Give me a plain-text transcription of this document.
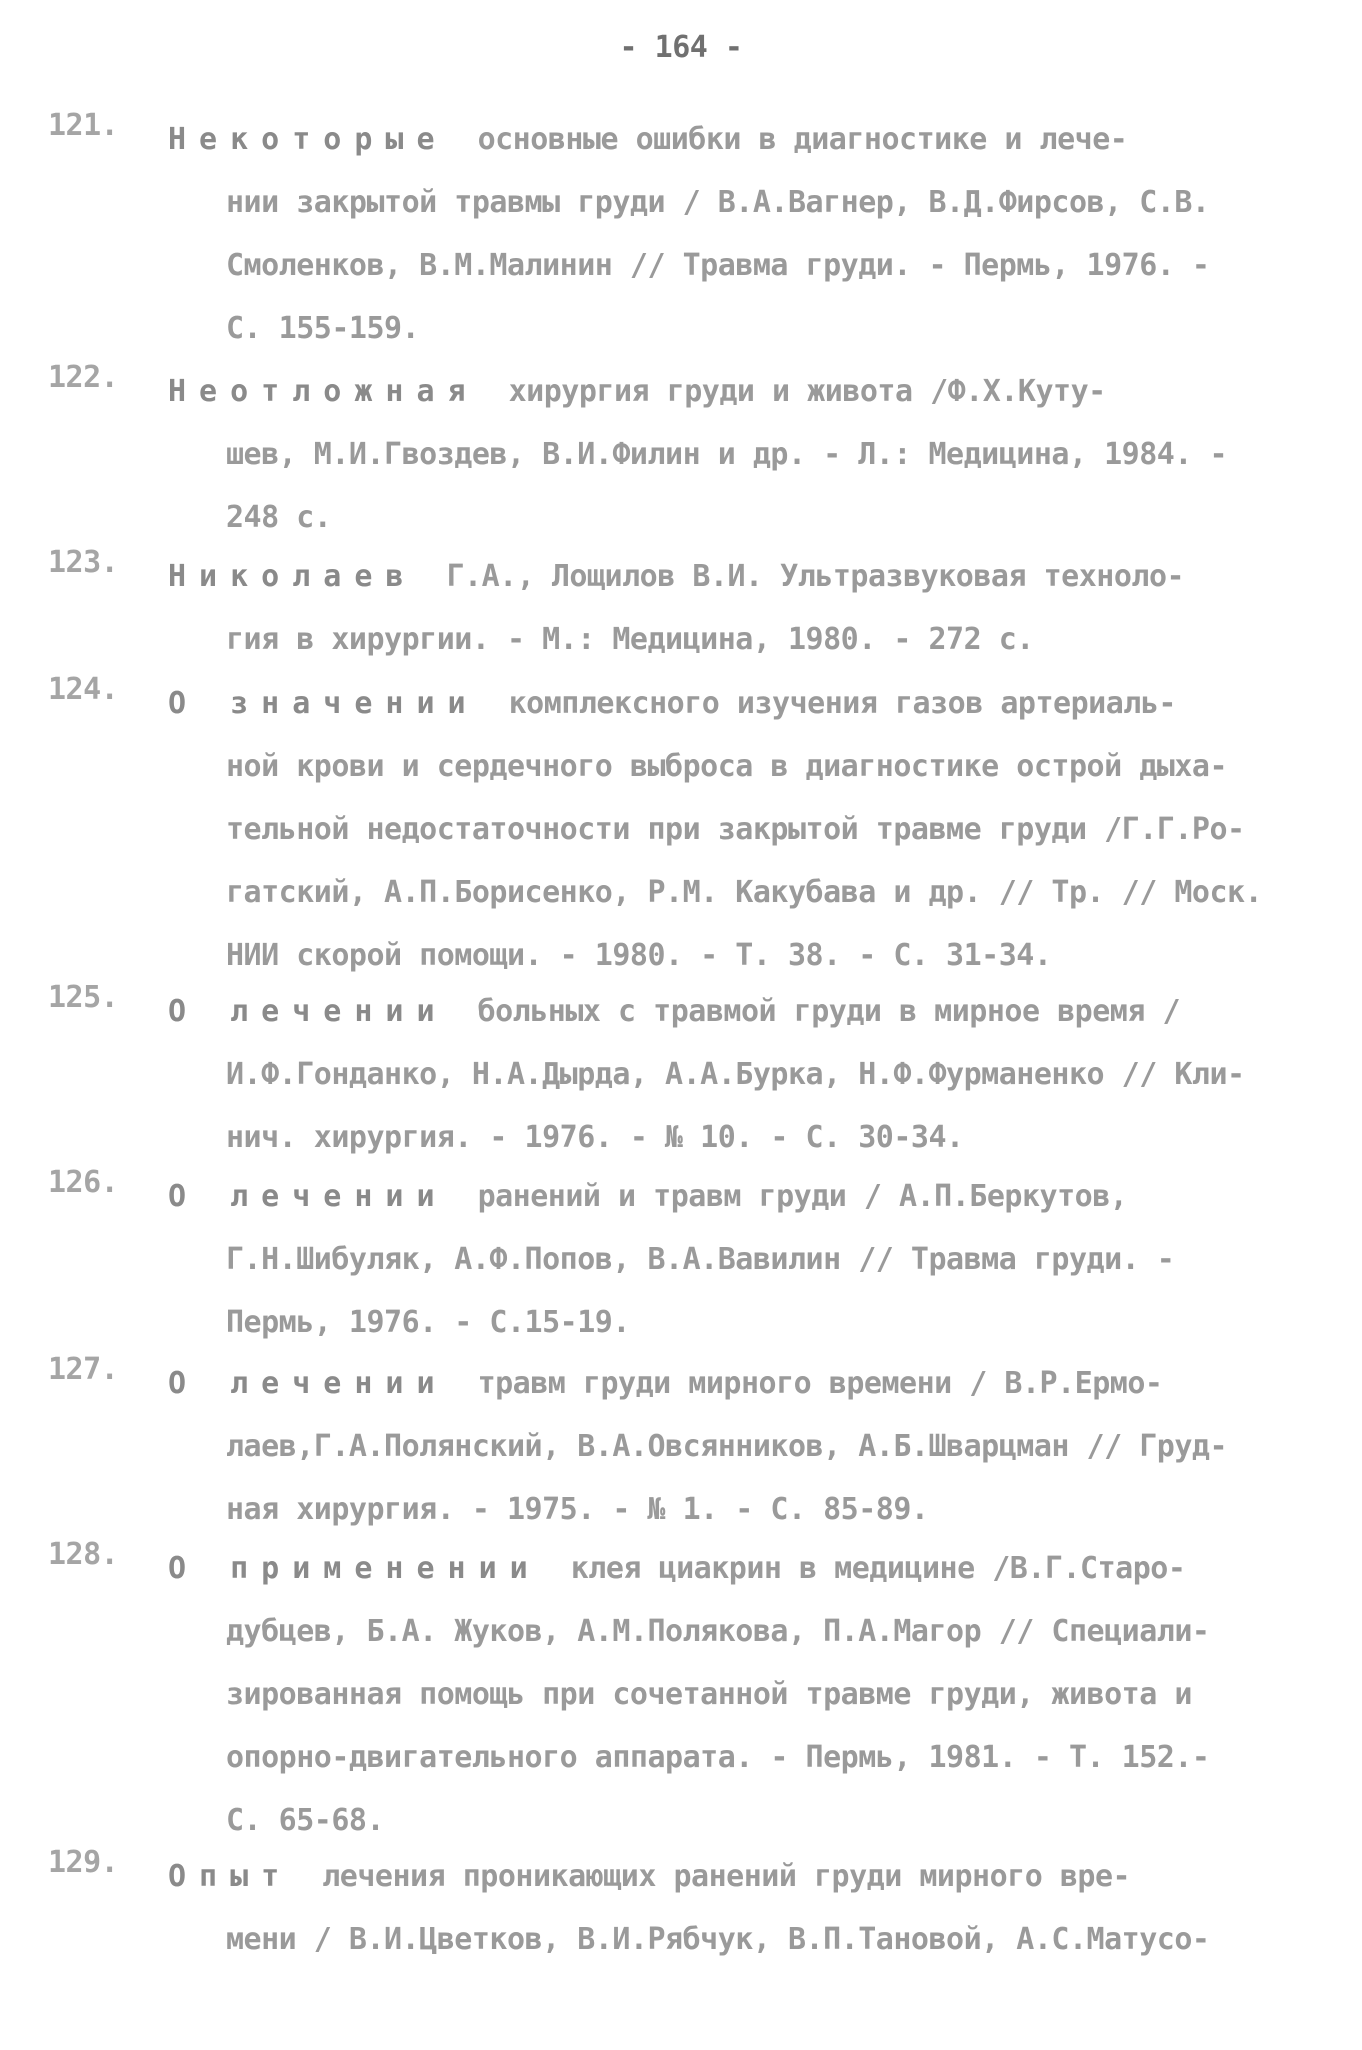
- 164 -
121.	Некоторые основные ошибки в диагностике и лече-
нии закрытой травмы груди / В.А.Вагнер, В.Д.Фирсов, С.В.
Смоленков, В.М.Малинин // Травма груди. - Пермь, 1976. -
С. 155-159.
122.	Неотложная хирургия груди и живота /Ф.Х.Куту-
шев, М.И.Гвоздев, В.И.Филин и др. - Л.: Медицина, 1984. -
248 с.
123.	Николаев Г.А., Лощилов В.И. Ультразвуковая техноло-
гия в хирургии. - М.: Медицина, 1980. - 272 с.
124.	О значении комплексного изучения газов артериаль-
ной крови и сердечного выброса в диагностике острой дыха-
тельной недостаточности при закрытой травме груди /Г.Г.Ро-
гатский, А.П.Борисенко, Р.М. Какубава и др. // Тр. // Моск.
НИИ скорой помощи. - 1980. - Т. 38. - С. 31-34.
125.	О лечении больных с травмой груди в мирное время /
И.Ф.Гонданко, Н.А.Дырда, А.А.Бурка, Н.Ф.Фурманенко // Кли-
нич. хирургия. - 1976. - № 10. - С. 30-34.
126.	О лечении ранений и травм груди / А.П.Беркутов,
Г.Н.Шибуляк, А.Ф.Попов, В.А.Вавилин // Травма груди. -
Пермь, 1976. - С.15-19.
127.	О лечении травм груди мирного времени / В.Р.Ермо-
лаев,Г.А.Полянский, В.А.Овсянников, А.Б.Шварцман // Груд-
ная хирургия. - 1975. - № 1. - С. 85-89.
128.	О применении клея циакрин в медицине /В.Г.Старо-
дубцев, Б.А. Жуков, А.М.Полякова, П.А.Магор // Специали-
зированная помощь при сочетанной травме груди, живота и
опорно-двигательного аппарата. - Пермь, 1981. - Т. 152.-
С. 65-68.
129.	Опыт лечения проникающих ранений груди мирного вре-
мени / В.И.Цветков, В.И.Рябчук, В.П.Тановой, А.С.Матусо-
